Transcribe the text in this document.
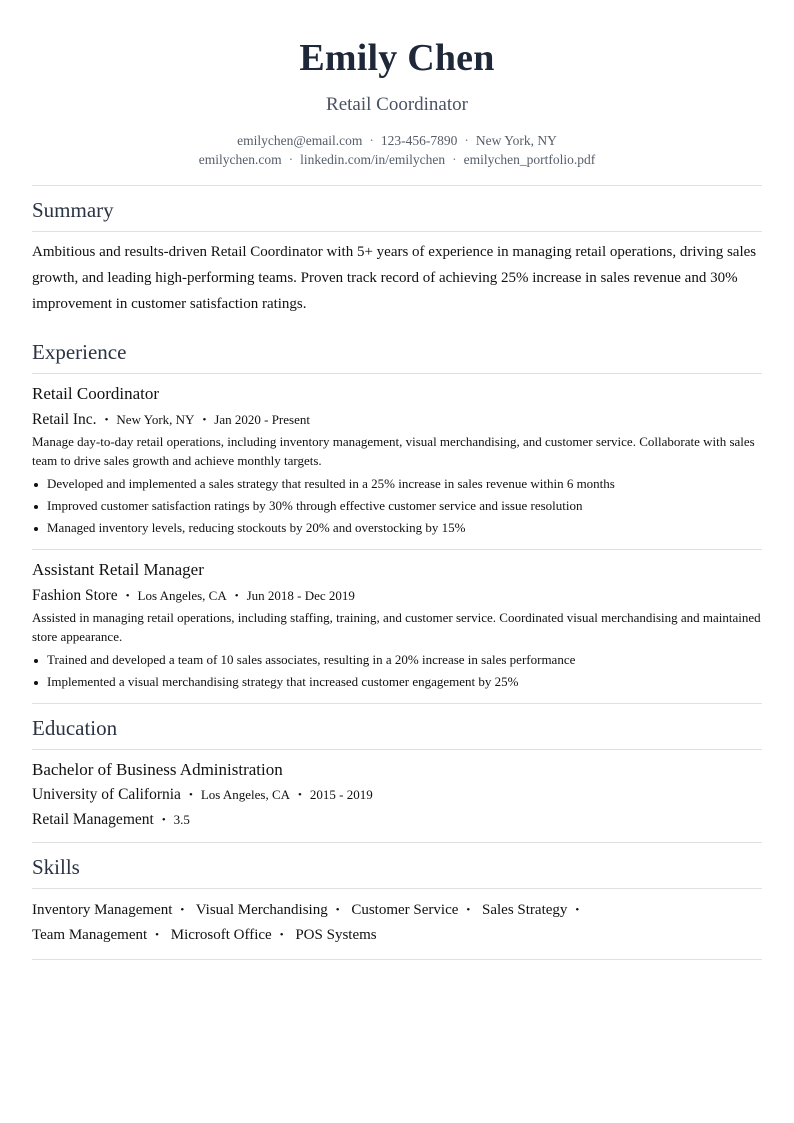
Emily Chen
Retail Coordinator
emilychen@email.com · 123-456-7890 · New York, NY
emilychen.com · linkedin.com/in/emilychen · emilychen_portfolio.pdf
Summary
Ambitious and results-driven Retail Coordinator with 5+ years of experience in managing retail operations, driving sales growth, and leading high-performing teams. Proven track record of achieving 25% increase in sales revenue and 30% improvement in customer satisfaction ratings.
Experience
Retail Coordinator
Retail Inc. • New York, NY • Jan 2020 - Present
Manage day-to-day retail operations, including inventory management, visual merchandising, and customer service. Collaborate with sales team to drive sales growth and achieve monthly targets.
Developed and implemented a sales strategy that resulted in a 25% increase in sales revenue within 6 months
Improved customer satisfaction ratings by 30% through effective customer service and issue resolution
Managed inventory levels, reducing stockouts by 20% and overstocking by 15%
Assistant Retail Manager
Fashion Store • Los Angeles, CA • Jun 2018 - Dec 2019
Assisted in managing retail operations, including staffing, training, and customer service. Coordinated visual merchandising and maintained store appearance.
Trained and developed a team of 10 sales associates, resulting in a 20% increase in sales performance
Implemented a visual merchandising strategy that increased customer engagement by 25%
Education
Bachelor of Business Administration
University of California • Los Angeles, CA • 2015 - 2019
Retail Management • 3.5
Skills
Inventory Management • Visual Merchandising • Customer Service • Sales Strategy • Team Management • Microsoft Office • POS Systems
